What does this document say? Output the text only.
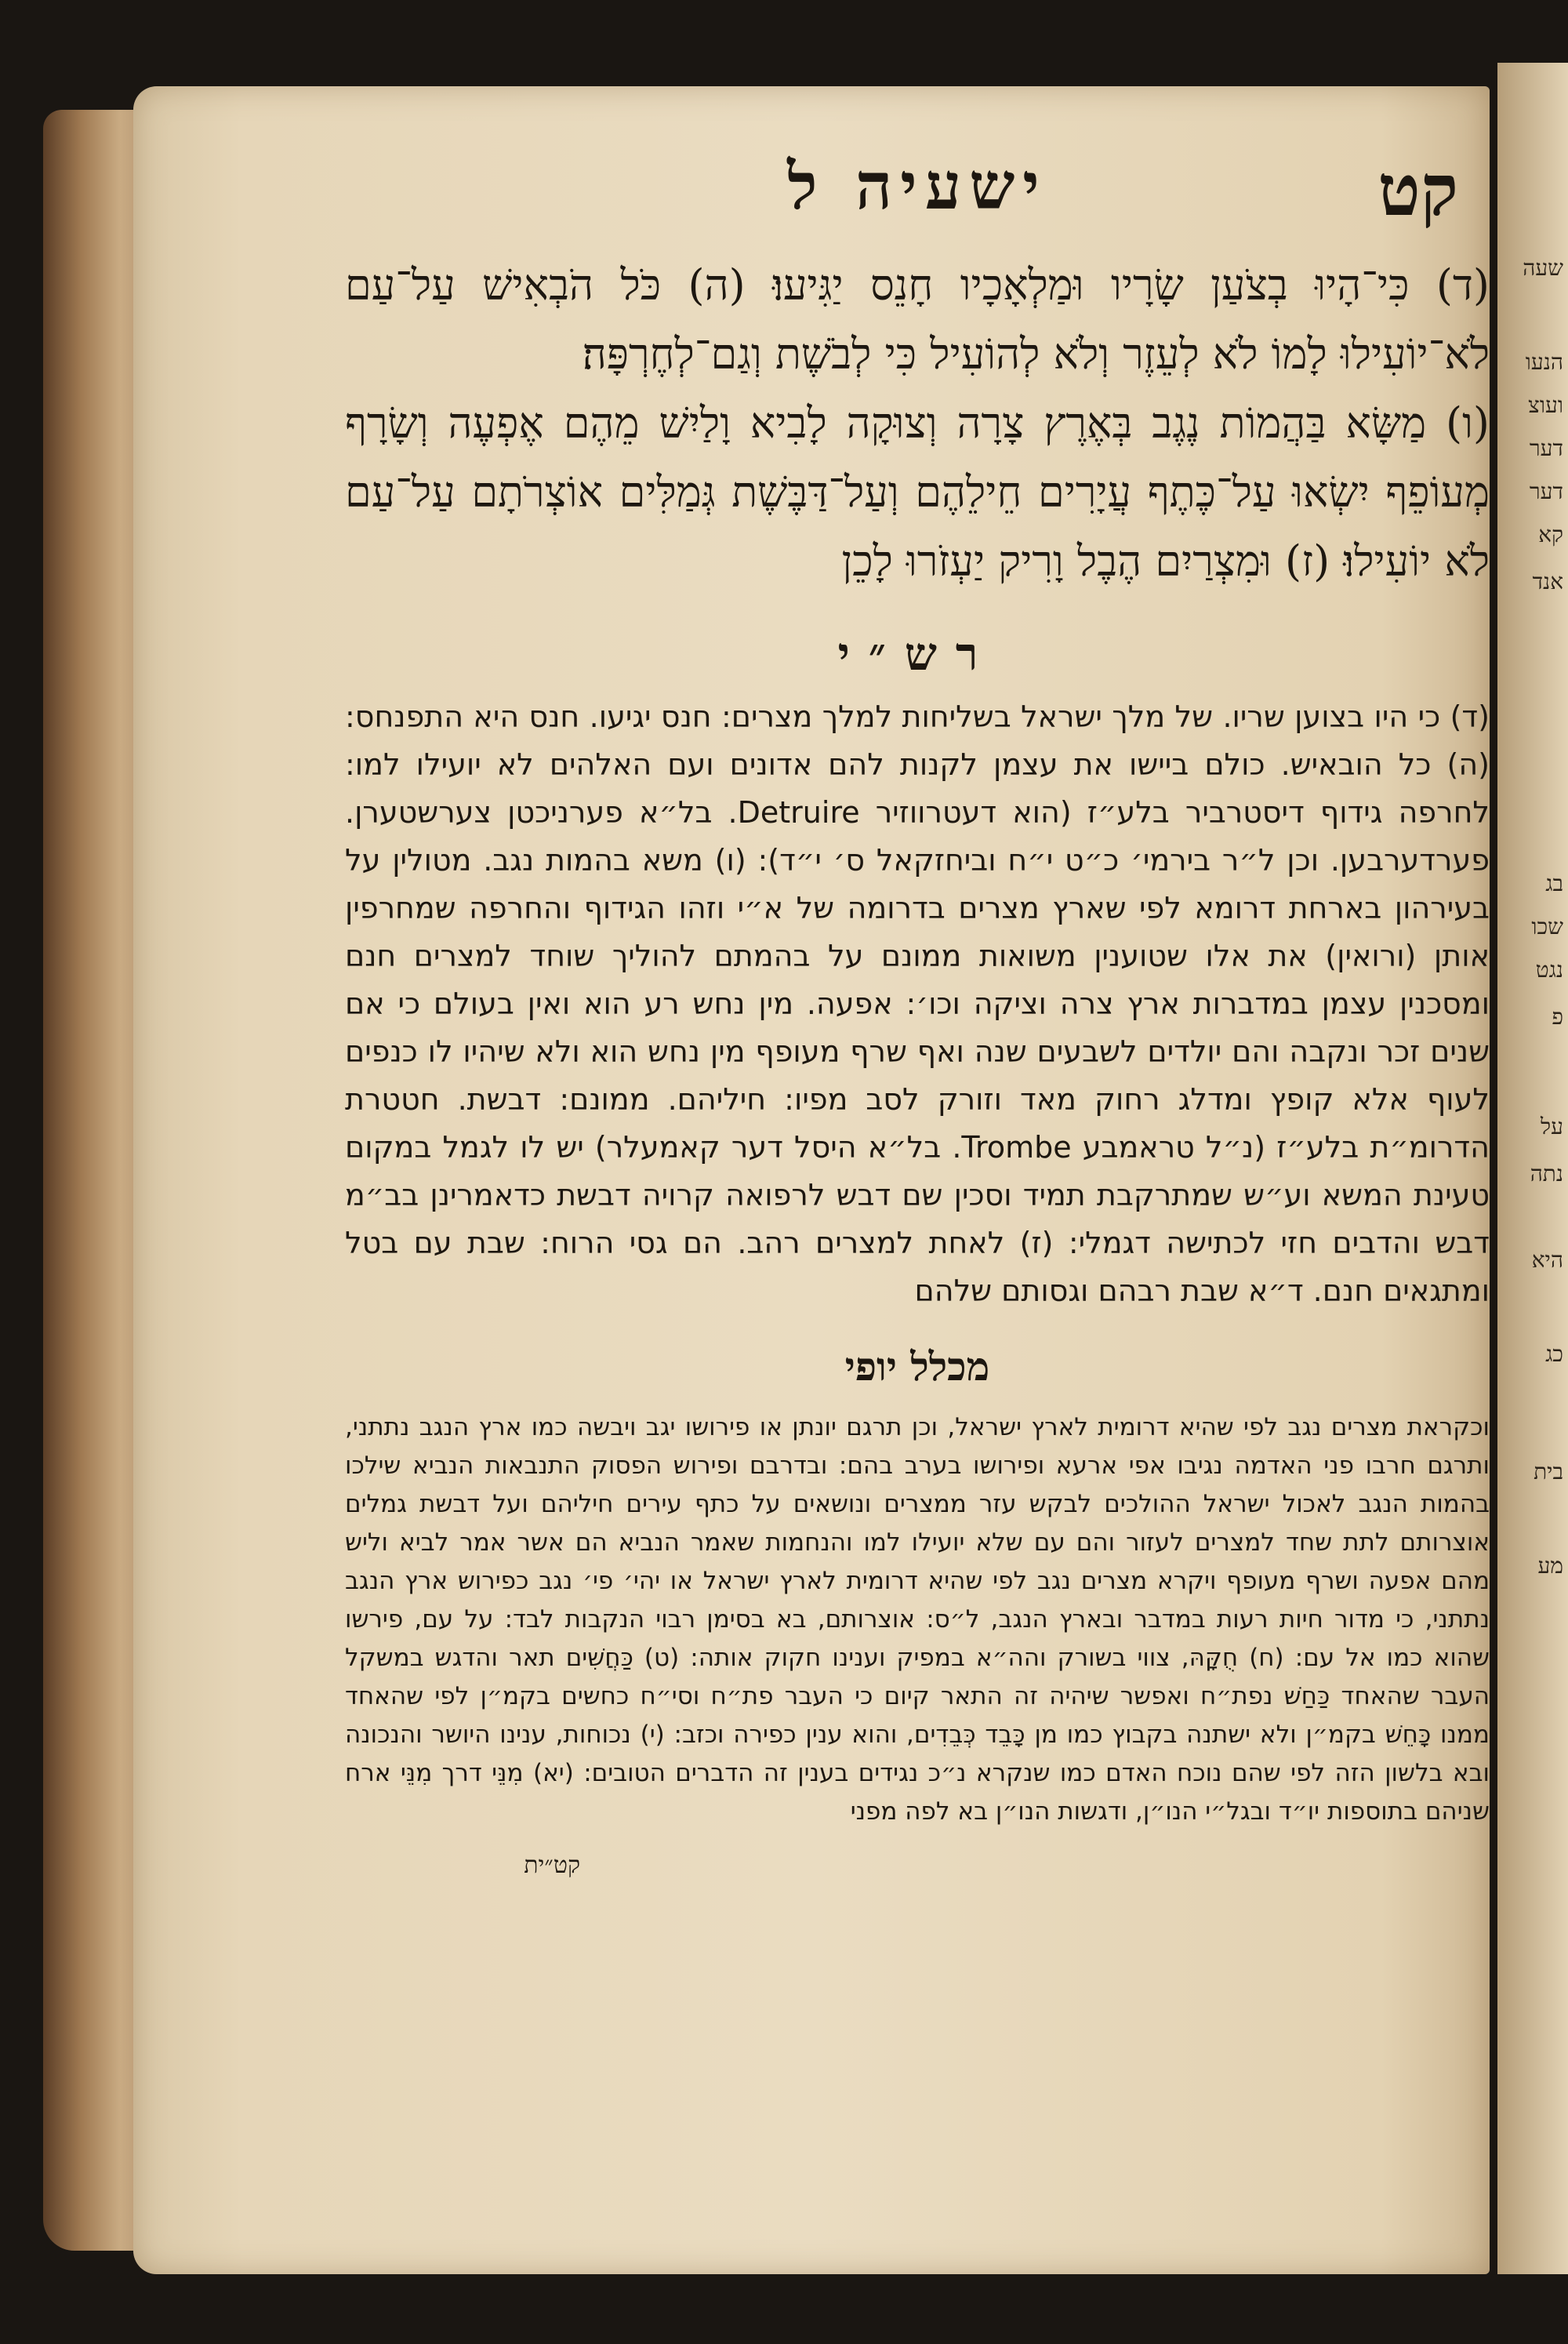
שעה
הנעו
ועוצ
דער
דער
קא
אנד
בג
שכו
נגט
פ
על
נתה
היא
כג
בית
מע
ישעיה ל	קט

(ד) כִּי־הָיוּ בְצֹעַן שָׂרָיו וּמַלְאָכָיו חָנֵס יַגִּיעוּ׃ (ה) כֹּל הֹבְאִישׁ עַל־עַם לֹא־יוֹעִילוּ לָמוֹ לֹא לְעֵזֶר וְלֹא לְהוֹעִיל כִּי לְבֹשֶׁת וְגַם־לְחֶרְפָּה׃

(ו) מַשָּׂא בַּהֲמוֹת נֶגֶב בְּאֶרֶץ צָרָה וְצוּקָה לָבִיא וָלַיִשׁ מֵהֶם אֶפְעֶה וְשָׂרָף מְעוֹפֵף יִשְׂאוּ עַל־כֶּתֶף עֲיָרִים חֵילֵהֶם וְעַל־דַּבֶּשֶׁת גְּמַלִּים אוֹצְרֹתָם עַל־עַם לֹא יוֹעִילוּ׃ (ז) וּמִצְרַיִם הֶבֶל וָרִיק יַעְזֹרוּ לָכֵן

רש״י
(ד) כי היו בצוען שריו. של מלך ישראל בשליחות למלך מצרים: חנס יגיעו. חנס היא התפנחס: (ה) כל הובאיש. כולם ביישו את עצמן לקנות להם אדונים ועם האלהים לא יועילו למו: לחרפה גידוף דיסטרביר בלע״ז (הוא דעטרווזיר Detruire. בל״א פערניכטן צערשטערן. פערדערבען. וכן ל״ר בירמי׳ כ״ט י״ח וביחזקאל ס׳ י״ד): (ו) משא בהמות נגב. מטולין על בעירהון בארחת דרומא לפי שארץ מצרים בדרומה של א״י וזהו הגידוף והחרפה שמחרפין אותן (ורואין) את אלו שטוענין משואות ממונם על בהמתם להוליך שוחד למצרים חנם ומסכנין עצמן במדברות ארץ צרה וציקה וכו׳: אפעה. מין נחש רע הוא ואין בעולם כי אם שנים זכר ונקבה והם יולדים לשבעים שנה ואף שרף מעופף מין נחש הוא ולא שיהיו לו כנפים לעוף אלא קופץ ומדלג רחוק מאד וזורק לסב מפיו: חיליהם. ממונם: דבשת. חטטרת הדרומ״ת בלע״ז (נ״ל טראמבע Trombe. בל״א היסל דער קאמעלר) יש לו לגמל במקום טעינת המשא וע״ש שמתרקבת תמיד וסכין שם דבש לרפואה קרויה דבשת כדאמרינן בב״מ דבש והדבים חזי לכתישה דגמלי: (ז) לאחת למצרים רהב. הם גסי הרוח: שבת עם בטל ומתגאים חנם. ד״א שבת רבהם וגסותם שלהם
מכלל יופי
וכקראת מצרים נגב לפי שהיא דרומית לארץ ישראל, וכן תרגם יונתן או פירושו יגב ויבשה כמו ארץ הנגב נתתני, ותרגם חרבו פני האדמה נגיבו אפי ארעא ופירושו בערב בהם: ובדרבם ופירוש הפסוק התנבאות הנביא שילכו בהמות הנגב לאכול ישראל ההולכים לבקש עזר ממצרים ונושאים על כתף עירים חיליהם ועל דבשת גמלים אוצרותם לתת שחד למצרים לעזור והם עם שלא יועילו למו והנחמות שאמר הנביא הם אשר אמר לביא וליש מהם אפעה ושרף מעופף ויקרא מצרים נגב לפי שהיא דרומית לארץ ישראל או יהי׳ פי׳ נגב כפירוש ארץ הנגב נתתני, כי מדור חיות רעות במדבר ובארץ הנגב, ל״ס: אוצרותם, בא בסימן רבוי הנקבות לבד: על עם, פירשו שהוא כמו אל עם: (ח) חֻקָּהּ, צווי בשורק והה״א במפיק וענינו חקוק אותה: (ט) כַּחֲשִׁים תאר והדגש במשקל העבר שהאחד כַּחַשׁ נפת״ח ואפשר שיהיה זה התאר קיום כי העבר פת״ח וסי״ח כחשים בקמ״ן לפי שהאחד ממנו כָּחֵשׁ בקמ״ן ולא ישתנה בקבוץ כמו מן כָּבֵד כְּבֵדִים, והוא ענין כפירה וכזב: (י) נכוחות, ענינו היושר והנכונה ובא בלשון הזה לפי שהם נוכח האדם כמו שנקרא נ״כ נגידים בענין זה הדברים הטובים: (יא) מִנֵּי דרך מִנֵּי ארח שניהם בתוספות יו״ד ובגל״י הנו״ן, ודגשות הנו״ן בא לפה מפני
קט״ית
